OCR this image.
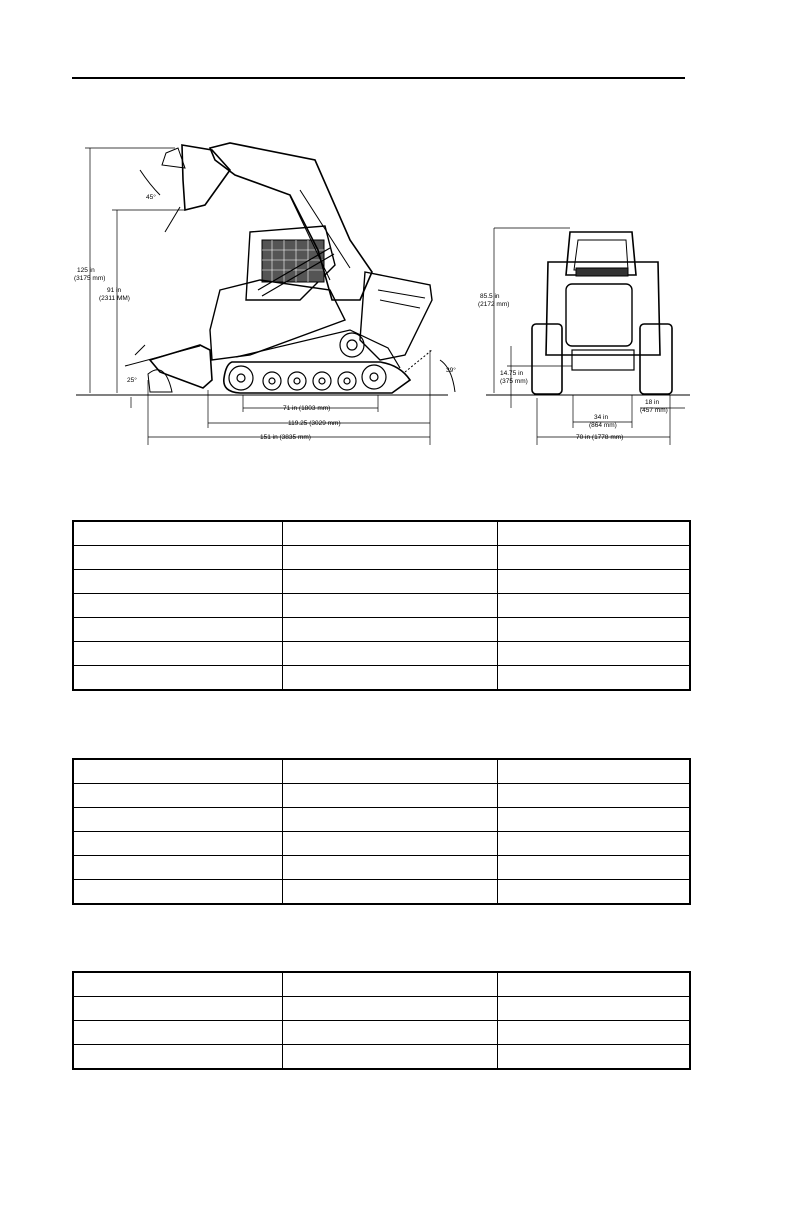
125 in
(3175 mm)
91 in
(2311 MM)
45°
25°
39°
71 in (1803 mm)
119.25 (3029 mm)
151 in (3835 mm)
85.5 in
(2172 mm)
14.75 in
(375 mm)
34 in
(864 mm)
18 in
(457 mm)
70 in (1778 mm)
